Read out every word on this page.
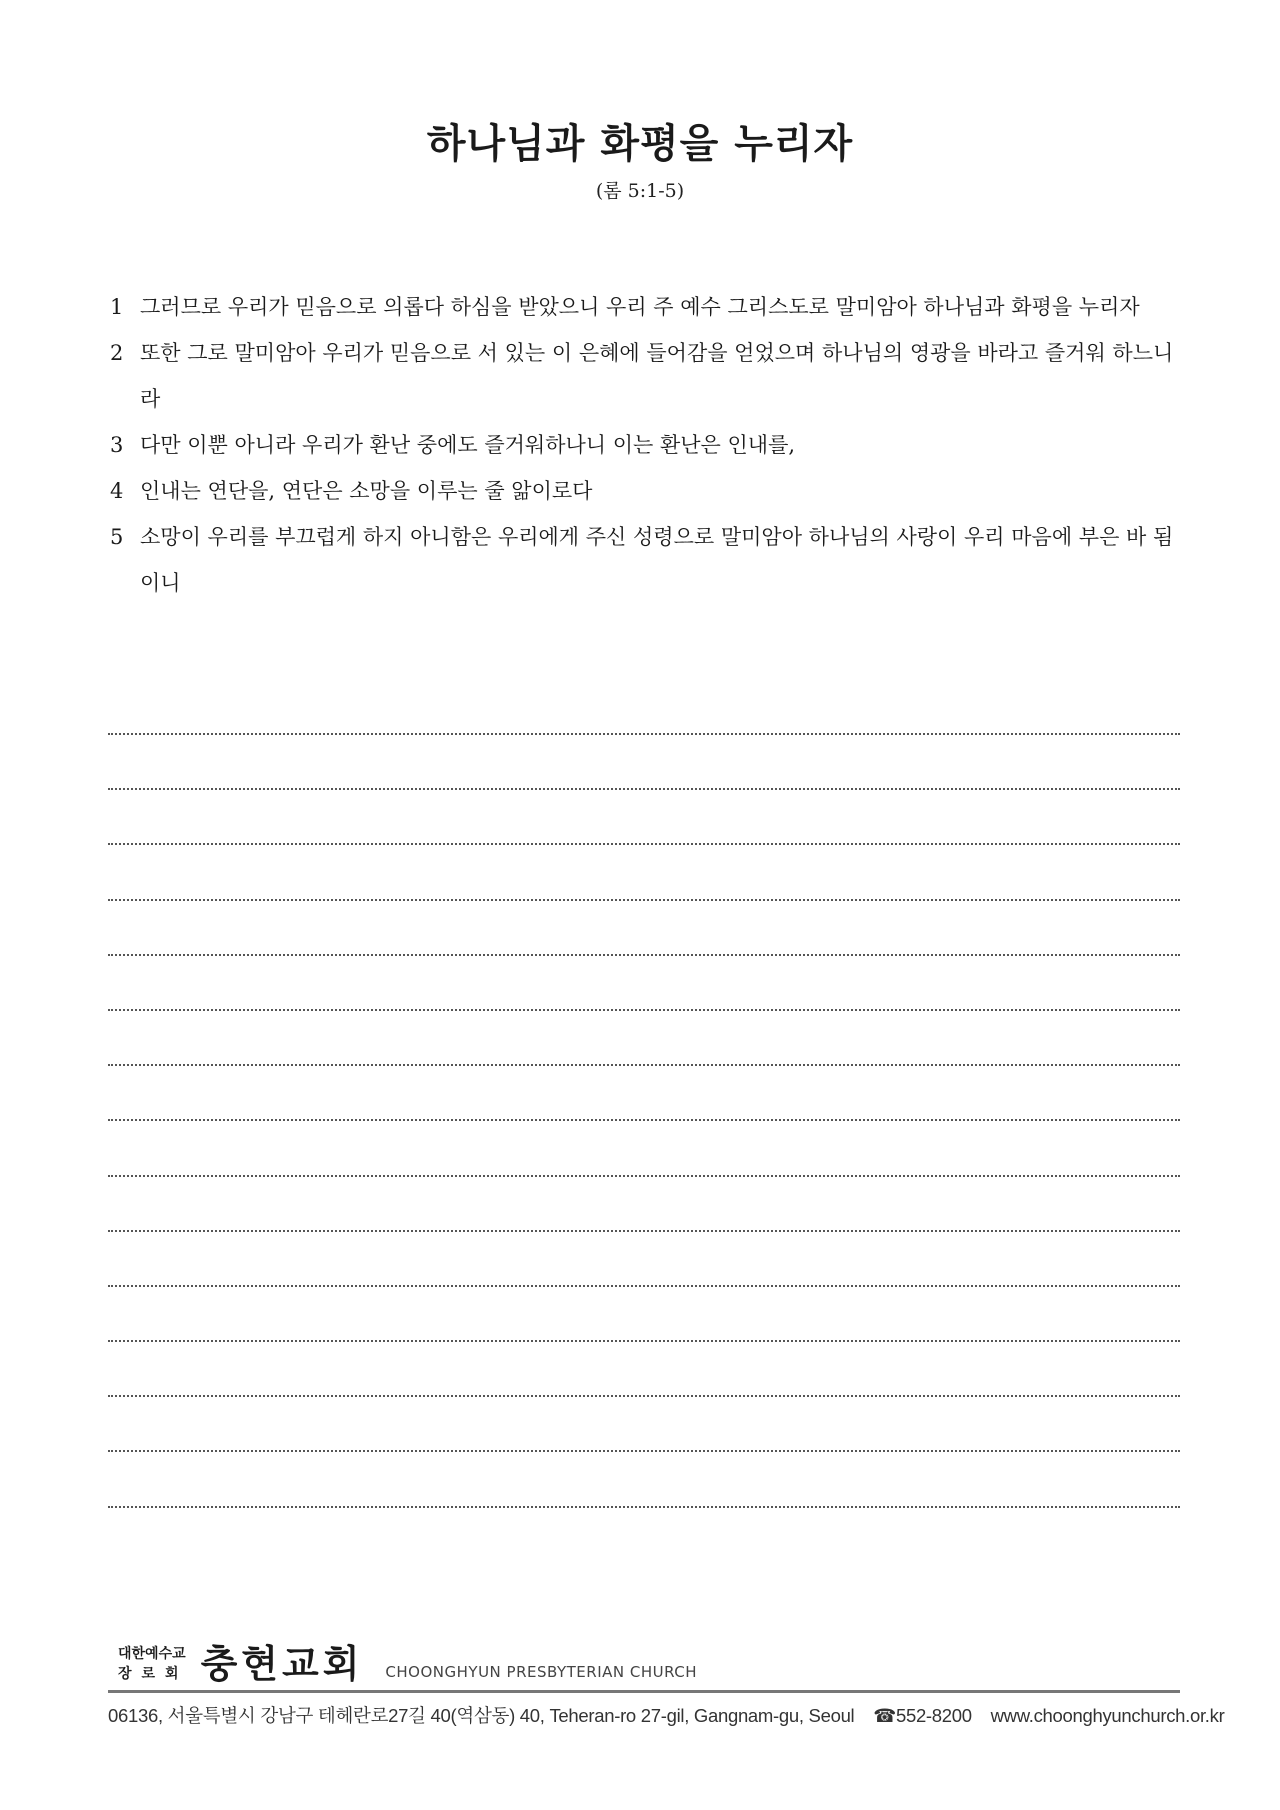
하나님과 화평을 누리자
(롬 5:1-5)
1 그러므로 우리가 믿음으로 의롭다 하심을 받았으니 우리 주 예수 그리스도로 말미암아 하나님과 화평을 누리자
2 또한 그로 말미암아 우리가 믿음으로 서 있는 이 은혜에 들어감을 얻었으며 하나님의 영광을 바라고 즐거워 하느니라
3 다만 이뿐 아니라 우리가 환난 중에도 즐거워하나니 이는 환난은 인내를,
4 인내는 연단을, 연단은 소망을 이루는 줄 앎이로다
5 소망이 우리를 부끄럽게 하지 아니함은 우리에게 주신 성령으로 말미암아 하나님의 사랑이 우리 마음에 부은 바 됨이니
대한예수교
장로회 충현교회 CHOONGHYUN PRESBYTERIAN CHURCH
06136, 서울특별시 강남구 테헤란로27길 40(역삼동) 40, Teheran-ro 27-gil, Gangnam-gu, Seoul ☎552-8200 www.choonghyunchurch.or.kr
